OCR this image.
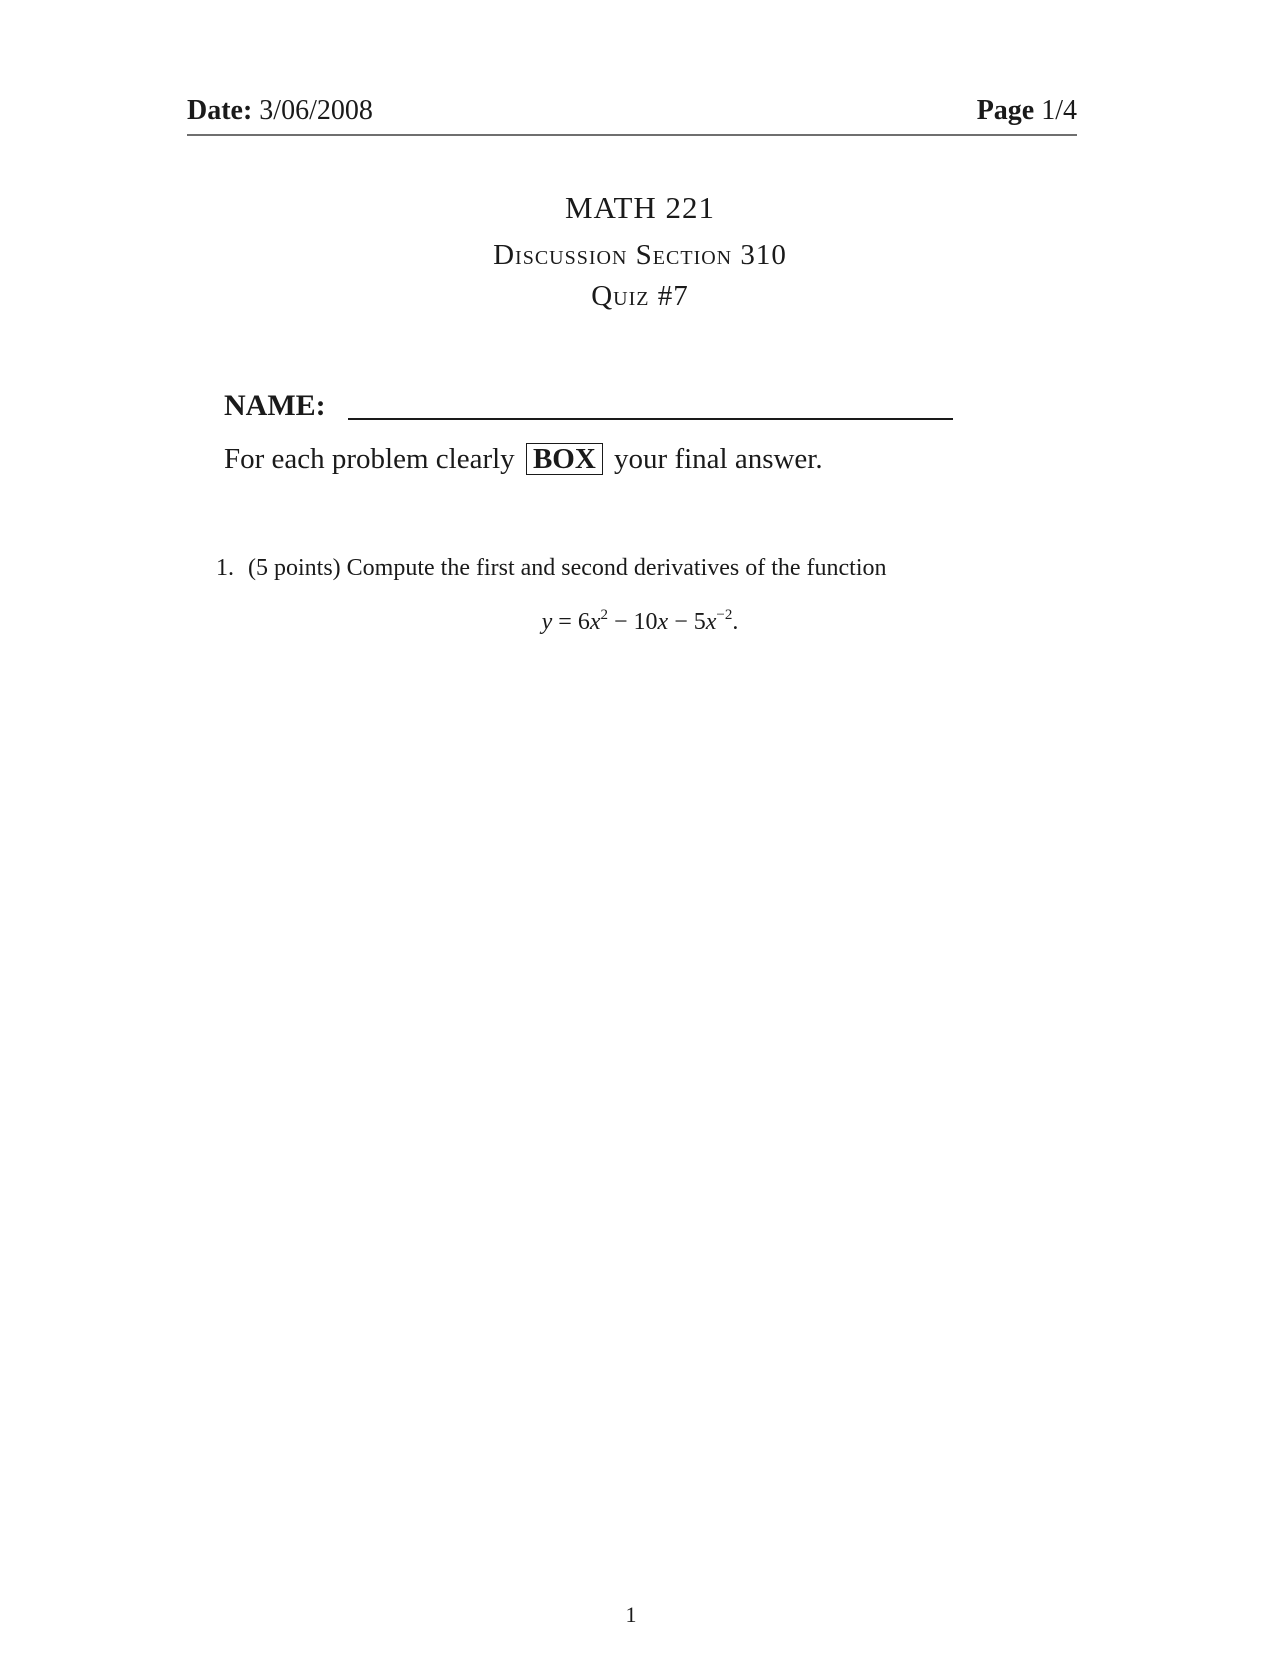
Date: 3/06/2008	Page 1/4
MATH 221
Discussion Section 310
Quiz #7
NAME:
For each problem clearly BOX your final answer.
1. (5 points) Compute the first and second derivatives of the function
$y = 6x^2 - 10x - 5x^{-2}$.
1
